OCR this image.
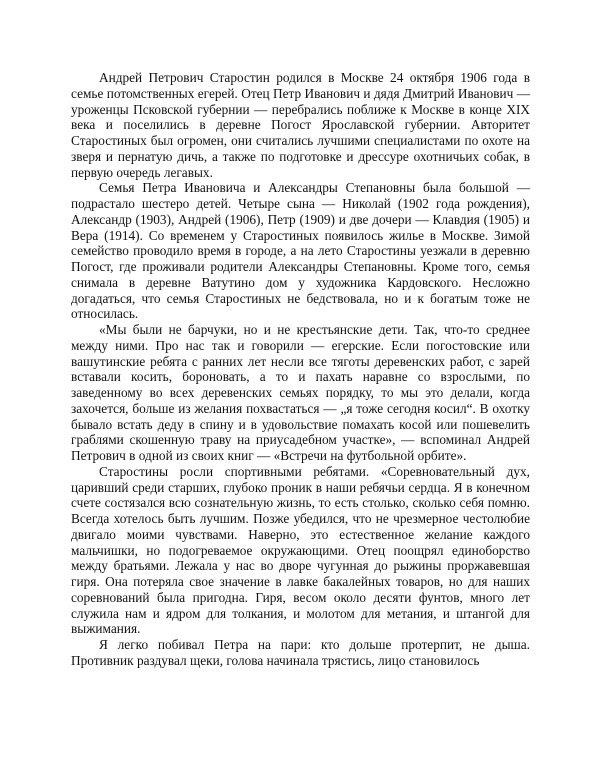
Андрей Петрович Старостин родился в Москве 24 октября 1906 года в семье потомственных егерей. Отец Петр Иванович и дядя Дмитрий Иванович — уроженцы Псковской губернии — перебрались поближе к Москве в конце XIX века и поселились в деревне Погост Ярославской губернии. Авторитет Старостиных был огромен, они считались лучшими специалистами по охоте на зверя и пернатую дичь, а также по подготовке и дрессуре охотничьих собак, в первую очередь легавых.

Семья Петра Ивановича и Александры Степановны была большой — подрастало шестеро детей. Четыре сына — Николай (1902 года рождения), Александр (1903), Андрей (1906), Петр (1909) и две дочери — Клавдия (1905) и Вера (1914). Со временем у Старостиных появилось жилье в Москве. Зимой семейство проводило время в городе, а на лето Старостины уезжали в деревню Погост, где проживали родители Александры Степановны. Кроме того, семья снимала в деревне Ватутино дом у художника Кардовского. Несложно догадаться, что семья Старостиных не бедствовала, но и к богатым тоже не относилась.

«Мы были не барчуки, но и не крестьянские дети. Так, что-то среднее между ними. Про нас так и говорили — егерские. Если погостовские или вашутинские ребята с ранних лет несли все тяготы деревенских работ, с зарей вставали косить, бороновать, а то и пахать наравне со взрослыми, по заведенному во всех деревенских семьях порядку, то мы это делали, когда захочется, больше из желания похвастаться — „я тоже сегодня косил“. В охотку бывало встать деду в спину и в удовольствие помахать косой или пошевелить граблями скошенную траву на приусадебном участке», — вспоминал Андрей Петрович в одной из своих книг — «Встречи на футбольной орбите».

Старостины росли спортивными ребятами. «Соревновательный дух, царивший среди старших, глубоко проник в наши ребячьи сердца. Я в конечном счете состязался всю сознательную жизнь, то есть столько, сколько себя помню. Всегда хотелось быть лучшим. Позже убедился, что не чрезмерное честолюбие двигало моими чувствами. Наверно, это естественное желание каждого мальчишки, но подогреваемое окружающими. Отец поощрял единоборство между братьями. Лежала у нас во дворе чугунная до рыжины проржавевшая гиря. Она потеряла свое значение в лавке бакалейных товаров, но для наших соревнований была пригодна. Гиря, весом около десяти фунтов, много лет служила нам и ядром для толкания, и молотом для метания, и штангой для выжимания.

Я легко побивал Петра на пари: кто дольше протерпит, не дыша. Противник раздувал щеки, голова начинала трястись, лицо становилось
